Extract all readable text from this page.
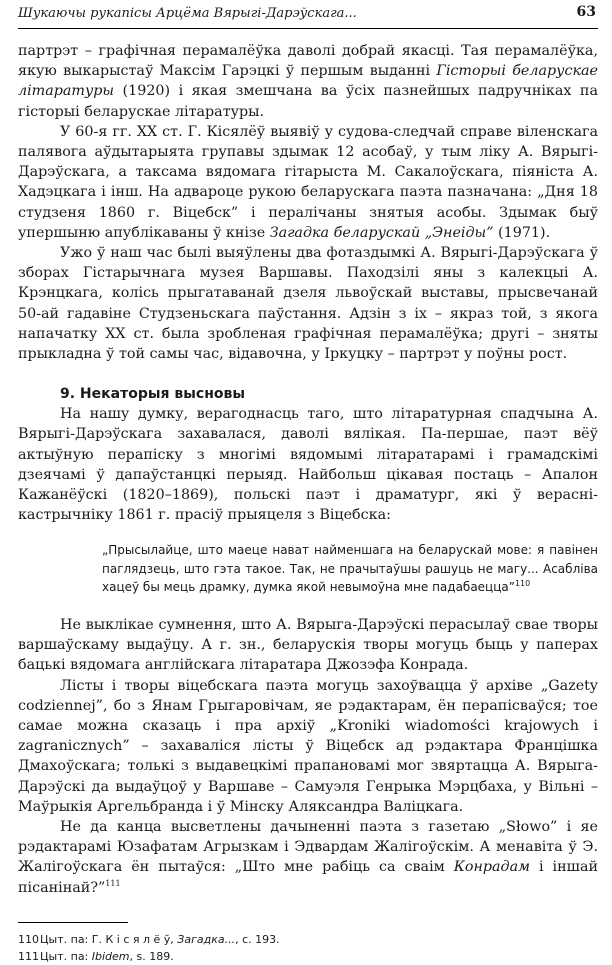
Шукаючы рукапісы Арцёма Вярыгі-Дарэўскага...	63

партрэт – графічная перамалёўка даволі добрай якасці. Тая перамалёўка, якую выкарыстаў Максім Гарэцкі ў першым выданні Гісторыі беларускае літаратуры (1920) і якая змешчана ва ўсіх пазнейшых падручніках па гісторыі беларускае літаратуры.

У 60-я гг. ХХ ст. Г. Кісялёў выявіў у судова-следчай справе віленскага палявога аўдытарыята групавы здымак 12 асобаў, у тым ліку А. Вярыгі-Дарэўскага, а таксама вядомага гітарыста М. Сакалоўскага, піяніста А. Хадэцкага і інш. На адвароце рукою беларускага паэта пазначана: „Дня 18 студзеня 1860 г. Віцебск” і пералічаны знятыя асобы. Здымак быў упершыню апублікаваны ў кнізе Загадка беларускай „Энеіды” (1971).

Ужо ў наш час былі выяўлены два фотаздымкі А. Вярыгі-Дарэўскага ў зборах Гістарычнага музея Варшавы. Паходзілі яны з калекцыі А. Крэнцкага, колісь прыгатаванай дзеля львоўскай выставы, прысвечанай 50-ай гадавіне Студзеньскага паўстання. Адзін з іх – якраз той, з якога напачатку ХХ ст. была зробленая графічная перамалёўка; другі – зняты прыкладна ў той самы час, відавочна, у Іркуцку – партрэт у поўны рост.

9. Некаторыя высновы

На нашу думку, верагоднасць таго, што літаратурная спадчына А. Вярыгі-Дарэўскага захавалася, даволі вялікая. Па-першае, паэт вёў актыўную перапіску з многімі вядомымі літаратарамі і грамадскімі дзеячамі ў дапаўстанцкі перыяд. Найбольш цікавая постаць – Апалон Кажанёўскі (1820–1869), польскі паэт і драматург, які ў верасні-кастрычніку 1861 г. прасіў прыяцеля з Віцебска:

„Прысылайце, што маеце нават найменшага на беларускай мове: я павінен паглядзець, што гэта такое. Так, не прачытаўшы рашуць не магу... Асабліва хацеў бы мець драмку, думка якой невымоўна мне падабаецца”$^{110}$

Не выклікае сумнення, што А. Вярыга-Дарэўскі перасылаў свае творы варшаўскаму выдаўцу. А г. зн., беларускія творы могуць быць у паперах бацькі вядомага англійскага літаратара Джозэфа Конрада.

Лісты і творы віцебскага паэта могуць захоўвацца ў архіве „Gazety codziennej”, бо з Янам Грыгаровічам, яе рэдактарам, ён перапісваўся; тое самае можна сказаць і пра архіў „Kroniki wiadomości krajowych i zagranicznych” – захаваліся лісты ў Віцебск ад рэдактара Францішка Дмахоўскага; толькі з выдавецкімі прапановамі мог звяртацца А. Вярыга-Дарэўскі да выдаўцоў у Варшаве – Самуэля Генрыка Мэрцбаха, у Вільні – Маўрыкія Аргельбранда і ў Мінску Аляксандра Валіцкага.

Не да канца высветлены дачыненні паэта з газетаю „Słowo” і яе рэдактарамі Юзафатам Агрызкам і Эдвардам Жалігоўскім. А менавіта ў Э. Жалігоўскага ён пытаўся: „Што мне рабіць са сваім Конрадам і іншай пісанінай?”$^{111}$

110Цыт. па: Г. К і с я л ё ў, Загадка..., с. 193.
111Цыт. па: Ibidem, s. 189.
